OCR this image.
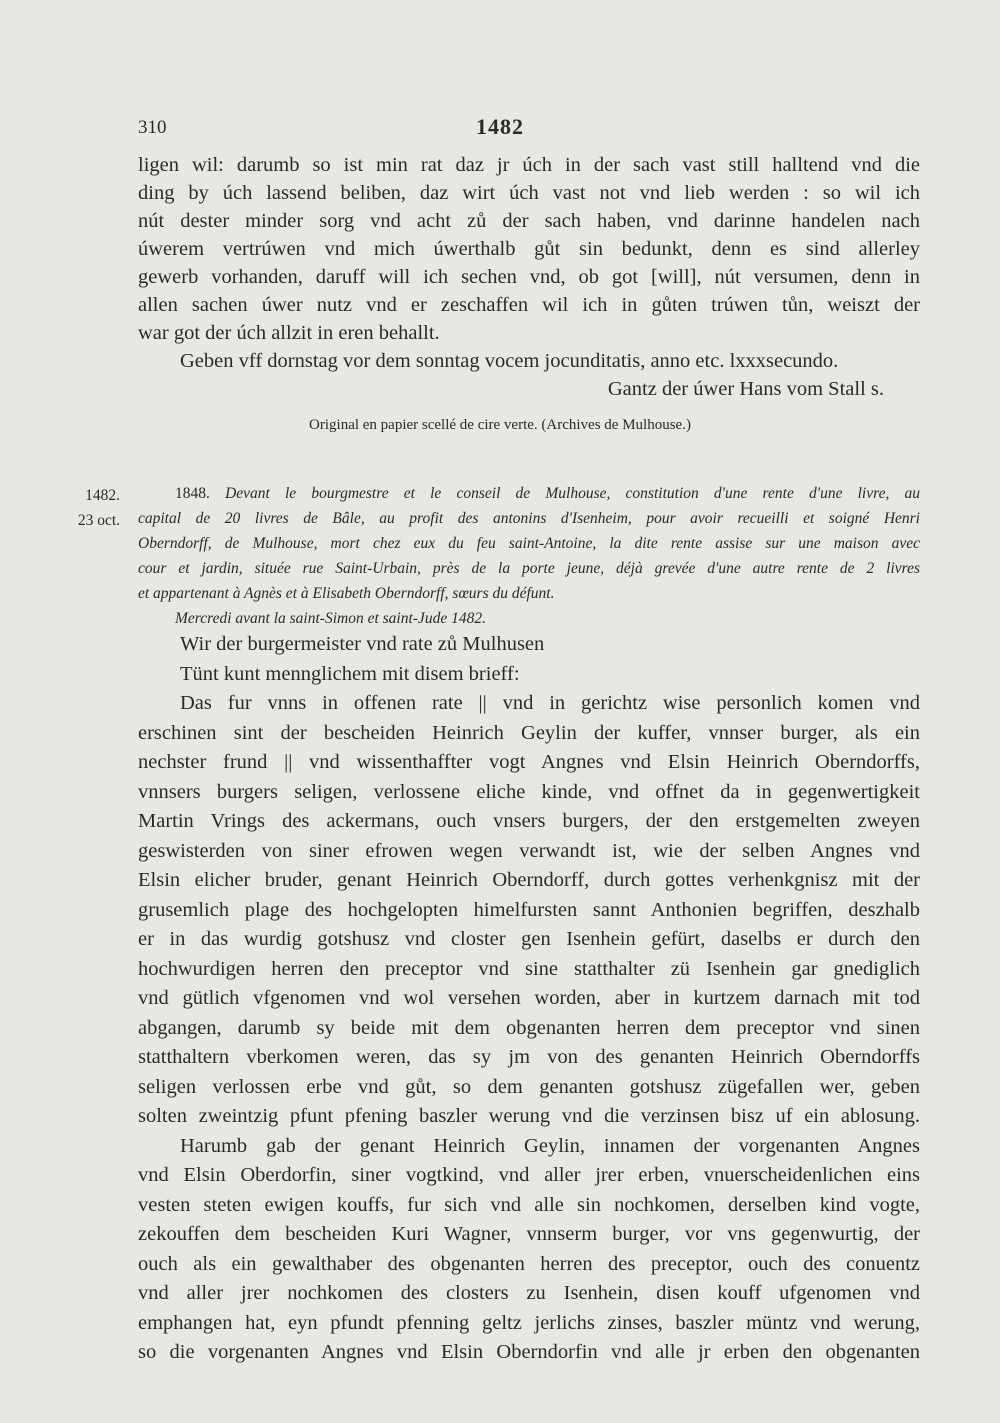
310	1482
ligen wil: darumb so ist min rat daz jr úch in der sach vast still halltend vnd die
ding by úch lassend beliben, daz wirt úch vast not vnd lieb werden : so wil ich
nút dester minder sorg vnd acht zů der sach haben, vnd darinne handelen nach
úwerem vertrúwen vnd mich úwerthalb gůt sin bedunkt, denn es sind allerley
gewerb vorhanden, daruff will ich sechen vnd, ob got [will], nút versumen, denn in
allen sachen úwer nutz vnd er zeschaffen wil ich in gůten trúwen tůn, weiszt der
war got der úch allzit in eren behallt.
Geben vff dornstag vor dem sonntag vocem jocunditatis, anno etc. lxxxsecundo.
Gantz der úwer Hans vom Stall s.
Original en papier scellé de cire verte. (Archives de Mulhouse.)
1482.
23 oct.
1848. Devant le bourgmestre et le conseil de Mulhouse, constitution d'une rente d'une livre, au
capital de 20 livres de Bâle, au profit des antonins d'Isenheim, pour avoir recueilli et soigné Henri
Oberndorff, de Mulhouse, mort chez eux du feu saint-Antoine, la dite rente assise sur une maison avec
cour et jardin, située rue Saint-Urbain, près de la porte jeune, déjà grevée d'une autre rente de 2 livres
et appartenant à Agnès et à Elisabeth Oberndorff, sœurs du défunt.
Mercredi avant la saint-Simon et saint-Jude 1482.
Wir der burgermeister vnd rate zů Mulhusen
Tünt kunt mennglichem mit disem brieff:
Das fur vnns in offenen rate || vnd in gerichtz wise personlich komen vnd
erschinen sint der bescheiden Heinrich Geylin der kuffer, vnnser burger, als ein
nechster frund || vnd wissenthaffter vogt Angnes vnd Elsin Heinrich Oberndorffs,
vnnsers burgers seligen, verlossene eliche kinde, vnd offnet da in gegenwertigkeit
Martin Vrings des ackermans, ouch vnsers burgers, der den erstgemelten zweyen
geswisterden von siner efrowen wegen verwandt ist, wie der selben Angnes vnd
Elsin elicher bruder, genant Heinrich Oberndorff, durch gottes verhenkgnisz mit der
grusemlich plage des hochgelopten himelfursten sannt Anthonien begriffen, deszhalb
er in das wurdig gotshusz vnd closter gen Isenhein gefürt, daselbs er durch den
hochwurdigen herren den preceptor vnd sine statthalter zü Isenhein gar gnediglich
vnd gütlich vfgenomen vnd wol versehen worden, aber in kurtzem darnach mit tod
abgangen, darumb sy beide mit dem obgenanten herren dem preceptor vnd sinen
statthaltern vberkomen weren, das sy jm von des genanten Heinrich Oberndorffs
seligen verlossen erbe vnd gůt, so dem genanten gotshusz zügefallen wer, geben
solten zweintzig pfunt pfening baszler werung vnd die verzinsen bisz uf ein ablosung.
Harumb gab der genant Heinrich Geylin, innamen der vorgenanten Angnes
vnd Elsin Oberdorfin, siner vogtkind, vnd aller jrer erben, vnuerscheidenlichen eins
vesten steten ewigen kouffs, fur sich vnd alle sin nochkomen, derselben kind vogte,
zekouffen dem bescheiden Kuri Wagner, vnnserm burger, vor vns gegenwurtig, der
ouch als ein gewalthaber des obgenanten herren des preceptor, ouch des conuentz
vnd aller jrer nochkomen des closters zu Isenhein, disen kouff ufgenomen vnd
emphangen hat, eyn pfundt pfenning geltz jerlichs zinses, baszler müntz vnd werung,
so die vorgenanten Angnes vnd Elsin Oberndorfin vnd alle jr erben den obgenanten
